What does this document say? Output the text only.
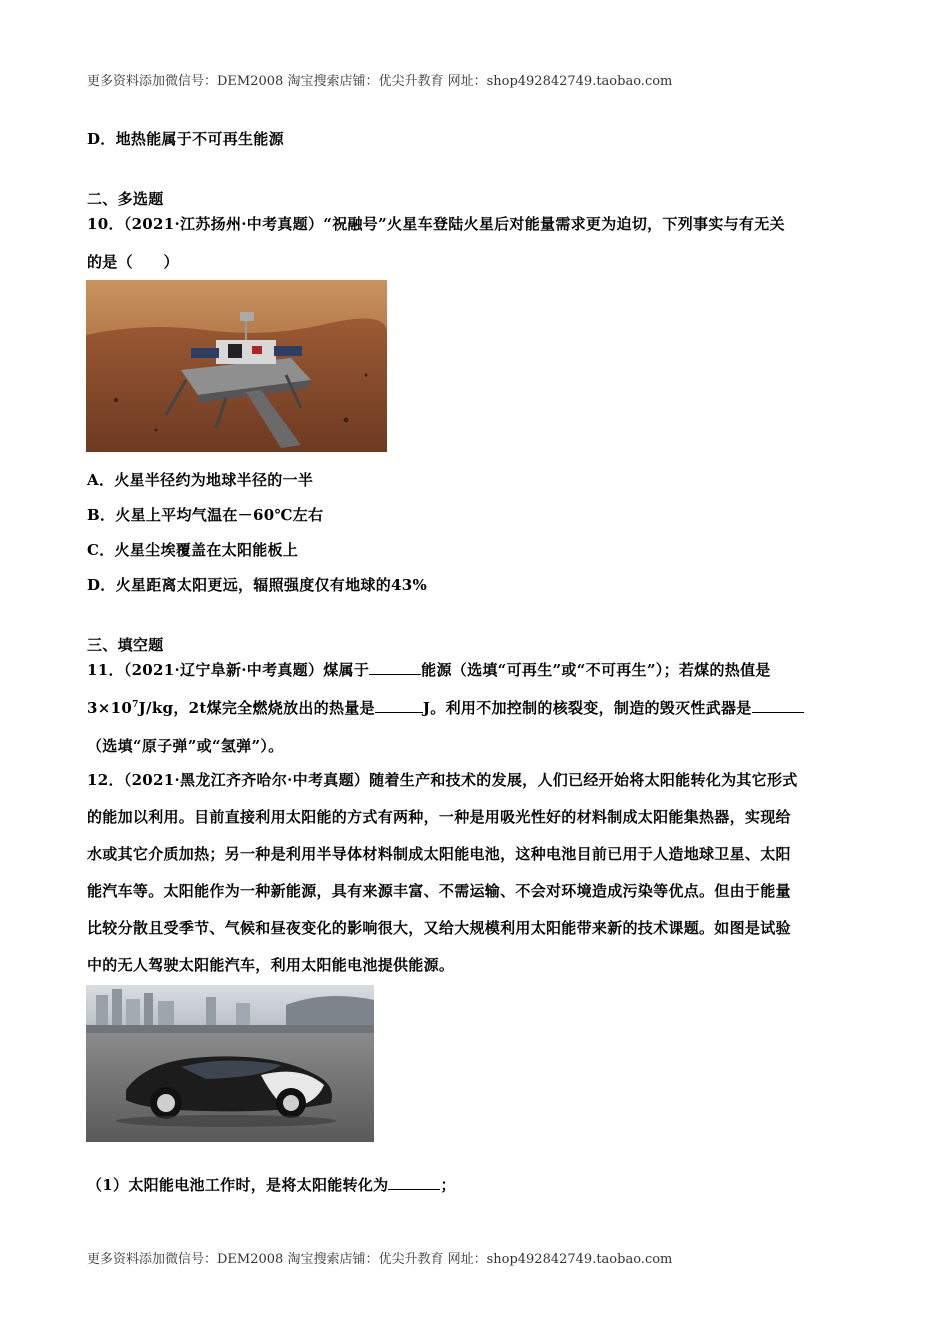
更多资料添加微信号：DEM2008 淘宝搜索店铺：优尖升教育 网址：shop492842749.taobao.com
D．地热能属于不可再生能源
二、多选题
10．（2021·江苏扬州·中考真题）“祝融号”火星车登陆火星后对能量需求更为迫切，下列事实与有无关
的是（　　）
A．火星半径约为地球半径的一半
B．火星上平均气温在－60℃左右
C．火星尘埃覆盖在太阳能板上
D．火星距离太阳更远，辐照强度仅有地球的43%
三、填空题
11．（2021·辽宁阜新·中考真题）煤属于	能源（选填“可再生”或“不可再生”）；若煤的热值是
$3\times 10^7J/kg$，2t煤完全燃烧放出的热量是	J。利用不加控制的核裂变，制造的毁灭性武器是
（选填“原子弹”或“氢弹”）。
12．（2021·黑龙江齐齐哈尔·中考真题）随着生产和技术的发展，人们已经开始将太阳能转化为其它形式
的能加以利用。目前直接利用太阳能的方式有两种，一种是用吸光性好的材料制成太阳能集热器，实现给
水或其它介质加热；另一种是利用半导体材料制成太阳能电池，这种电池目前已用于人造地球卫星、太阳
能汽车等。太阳能作为一种新能源，具有来源丰富、不需运输、不会对环境造成污染等优点。但由于能量
比较分散且受季节、气候和昼夜变化的影响很大，又给大规模利用太阳能带来新的技术课题。如图是试验
中的无人驾驶太阳能汽车，利用太阳能电池提供能源。
（1）太阳能电池工作时，是将太阳能转化为	；
更多资料添加微信号：DEM2008 淘宝搜索店铺：优尖升教育 网址：shop492842749.taobao.com
